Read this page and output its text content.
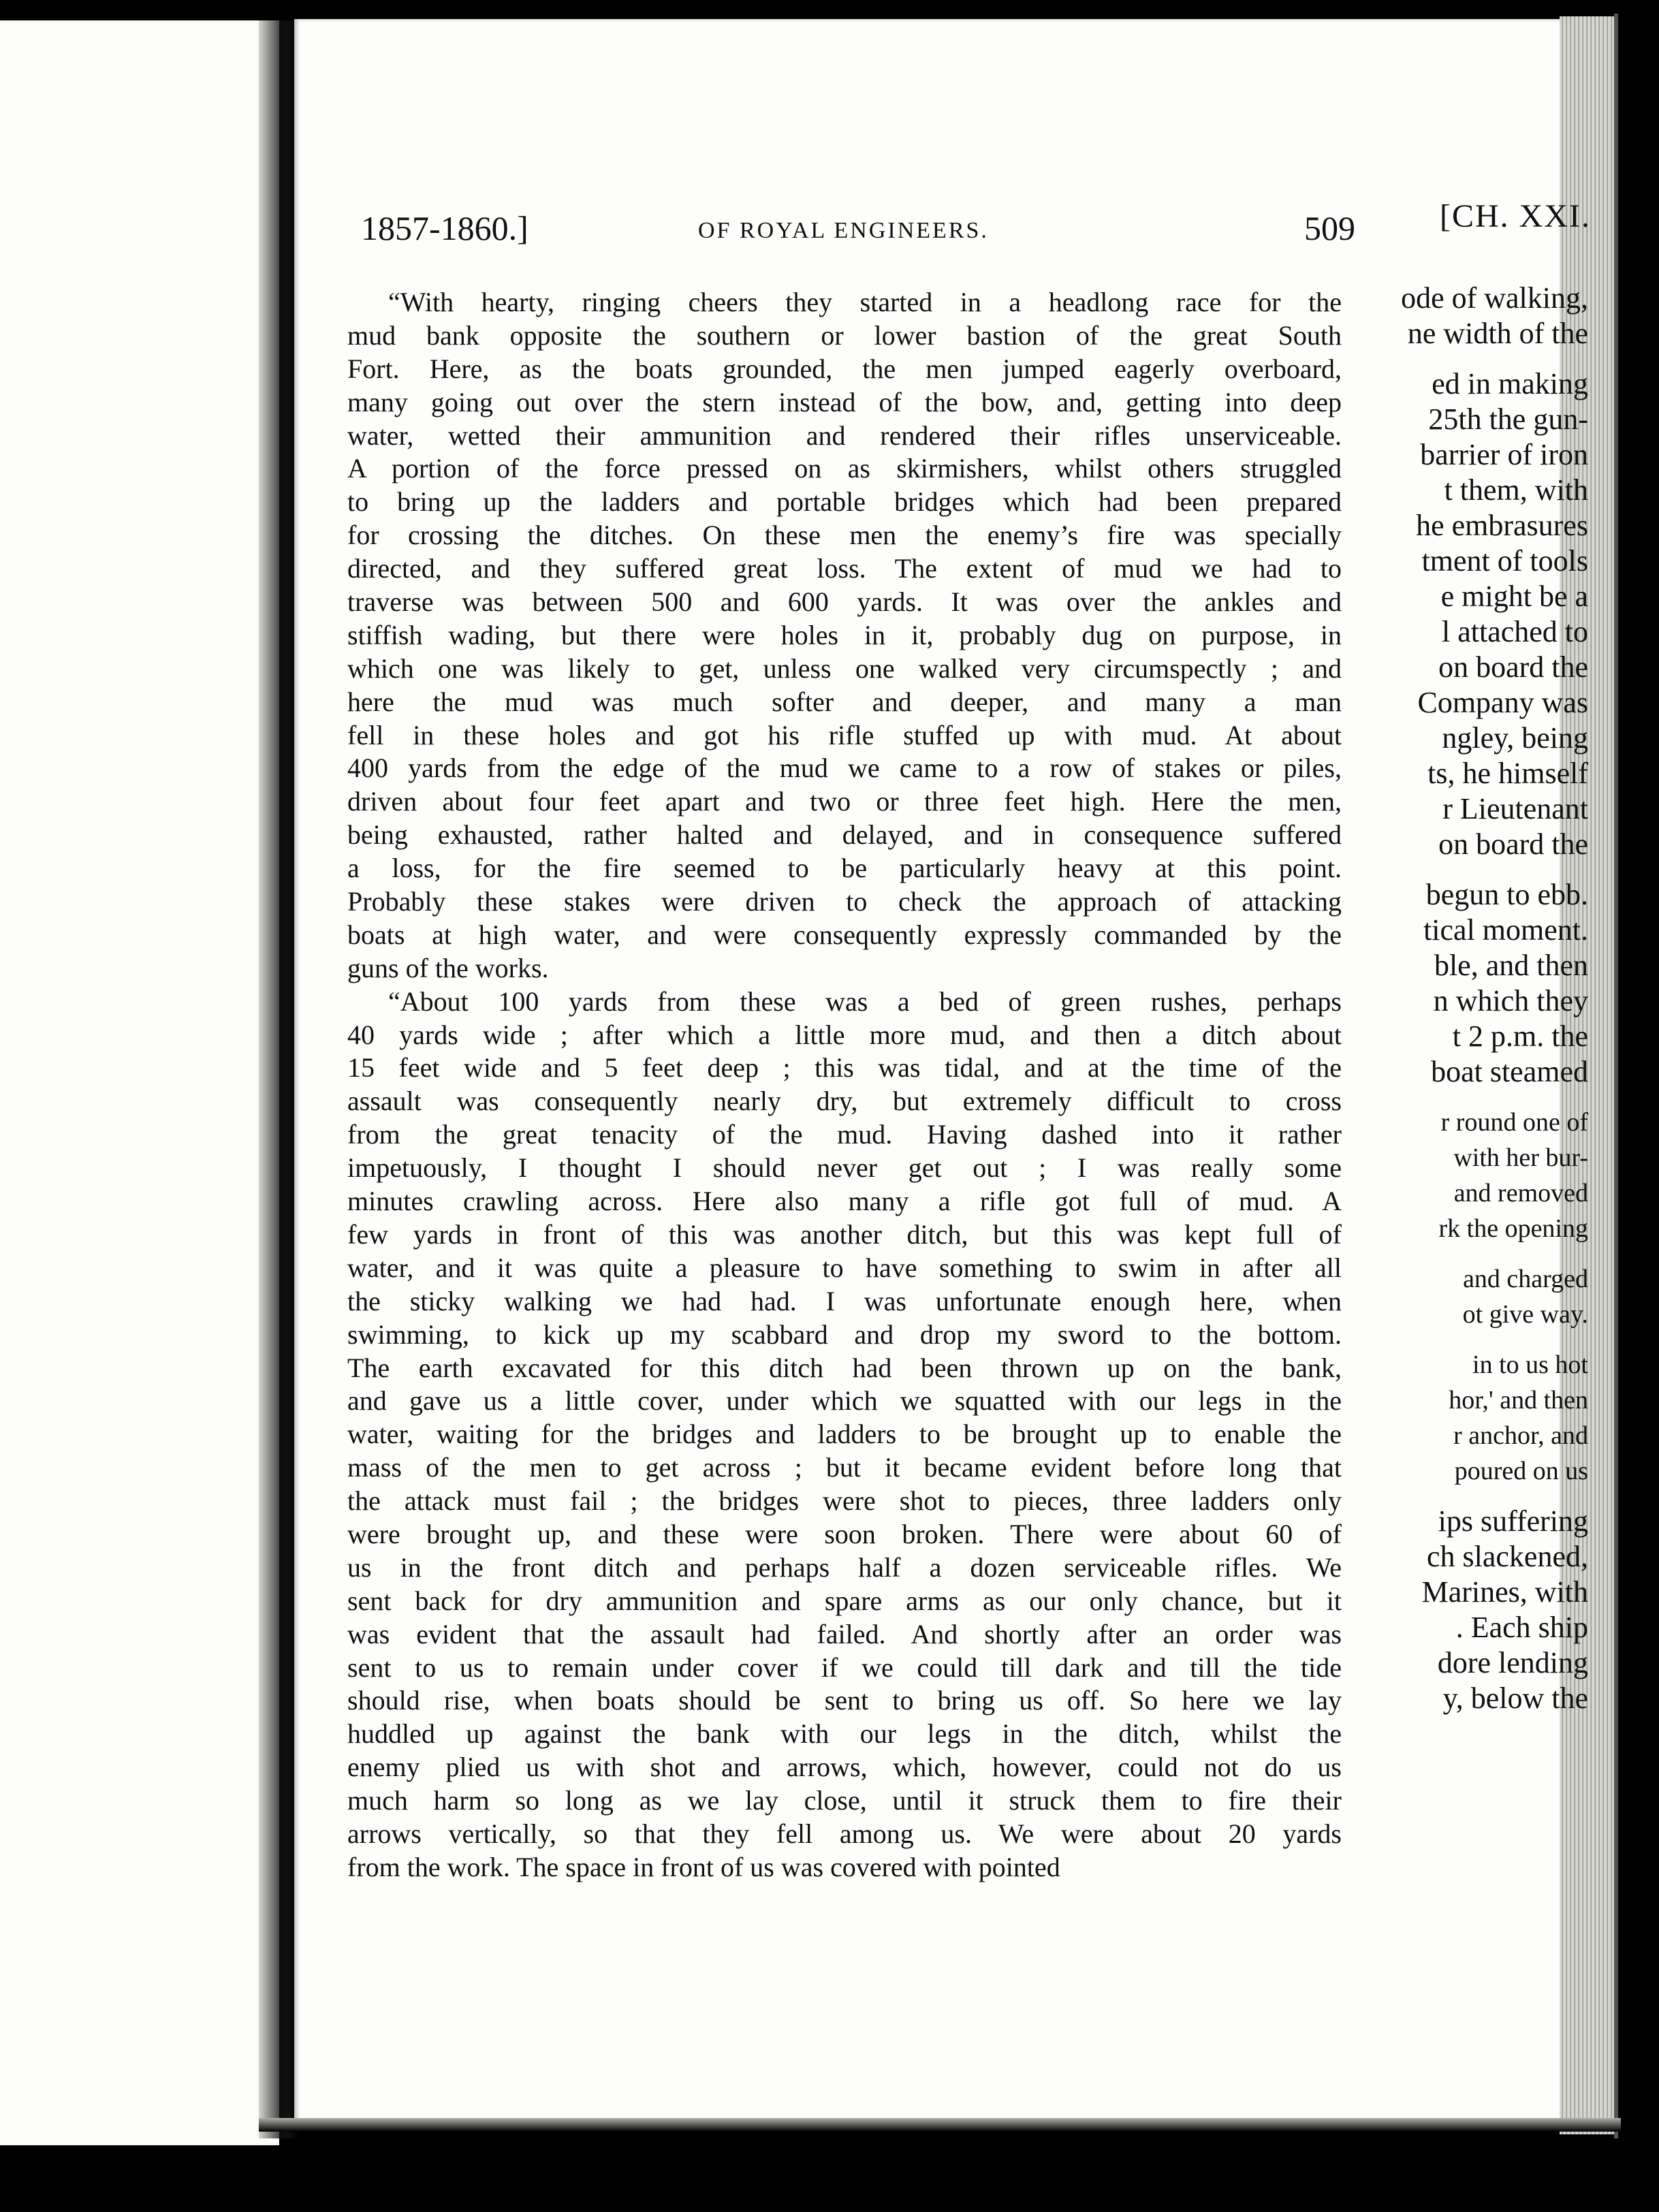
[CH. XXI.

ode of walking,
ne width of the
ed in making
25th the gun-
barrier of iron
t them, with
he embrasures
tment of tools
e might be a
l attached to
on board the
Company was
ngley, being
ts, he himself
r Lieutenant
on board the
begun to ebb.
tical moment.
ble, and then
n which they
t 2 p.m. the
boat steamed
r round one of
with her bur-
and removed
rk the opening
and charged
ot give way.
in to us hot
hor,' and then
r anchor, and
poured on us
ips suffering
ch slackened,
Marines, with
. Each ship
dore lending
y, below the
1857-1860.]	OF ROYAL ENGINEERS.	509
“With hearty, ringing cheers they started in a headlong race for the
mud bank opposite the southern or lower bastion of the great South
Fort. Here, as the boats grounded, the men jumped eagerly overboard,
many going out over the stern instead of the bow, and, getting into deep
water, wetted their ammunition and rendered their rifles unserviceable.
A portion of the force pressed on as skirmishers, whilst others struggled
to bring up the ladders and portable bridges which had been prepared
for crossing the ditches. On these men the enemy’s fire was specially
directed, and they suffered great loss. The extent of mud we had to
traverse was between 500 and 600 yards. It was over the ankles and
stiffish wading, but there were holes in it, probably dug on purpose, in
which one was likely to get, unless one walked very circumspectly ; and
here the mud was much softer and deeper, and many a man
fell in these holes and got his rifle stuffed up with mud. At about
400 yards from the edge of the mud we came to a row of stakes or piles,
driven about four feet apart and two or three feet high. Here the men,
being exhausted, rather halted and delayed, and in consequence suffered
a loss, for the fire seemed to be particularly heavy at this point.
Probably these stakes were driven to check the approach of attacking
boats at high water, and were consequently expressly commanded by the
guns of the works.
“About 100 yards from these was a bed of green rushes, perhaps
40 yards wide ; after which a little more mud, and then a ditch about
15 feet wide and 5 feet deep ; this was tidal, and at the time of the
assault was consequently nearly dry, but extremely difficult to cross
from the great tenacity of the mud. Having dashed into it rather
impetuously, I thought I should never get out ; I was really some
minutes crawling across. Here also many a rifle got full of mud. A
few yards in front of this was another ditch, but this was kept full of
water, and it was quite a pleasure to have something to swim in after all
the sticky walking we had had. I was unfortunate enough here, when
swimming, to kick up my scabbard and drop my sword to the bottom.
The earth excavated for this ditch had been thrown up on the bank,
and gave us a little cover, under which we squatted with our legs in the
water, waiting for the bridges and ladders to be brought up to enable the
mass of the men to get across ; but it became evident before long that
the attack must fail ; the bridges were shot to pieces, three ladders only
were brought up, and these were soon broken. There were about 60 of
us in the front ditch and perhaps half a dozen serviceable rifles. We
sent back for dry ammunition and spare arms as our only chance, but it
was evident that the assault had failed. And shortly after an order was
sent to us to remain under cover if we could till dark and till the tide
should rise, when boats should be sent to bring us off. So here we lay
huddled up against the bank with our legs in the ditch, whilst the
enemy plied us with shot and arrows, which, however, could not do us
much harm so long as we lay close, until it struck them to fire their
arrows vertically, so that they fell among us. We were about 20 yards
from the work. The space in front of us was covered with pointed
